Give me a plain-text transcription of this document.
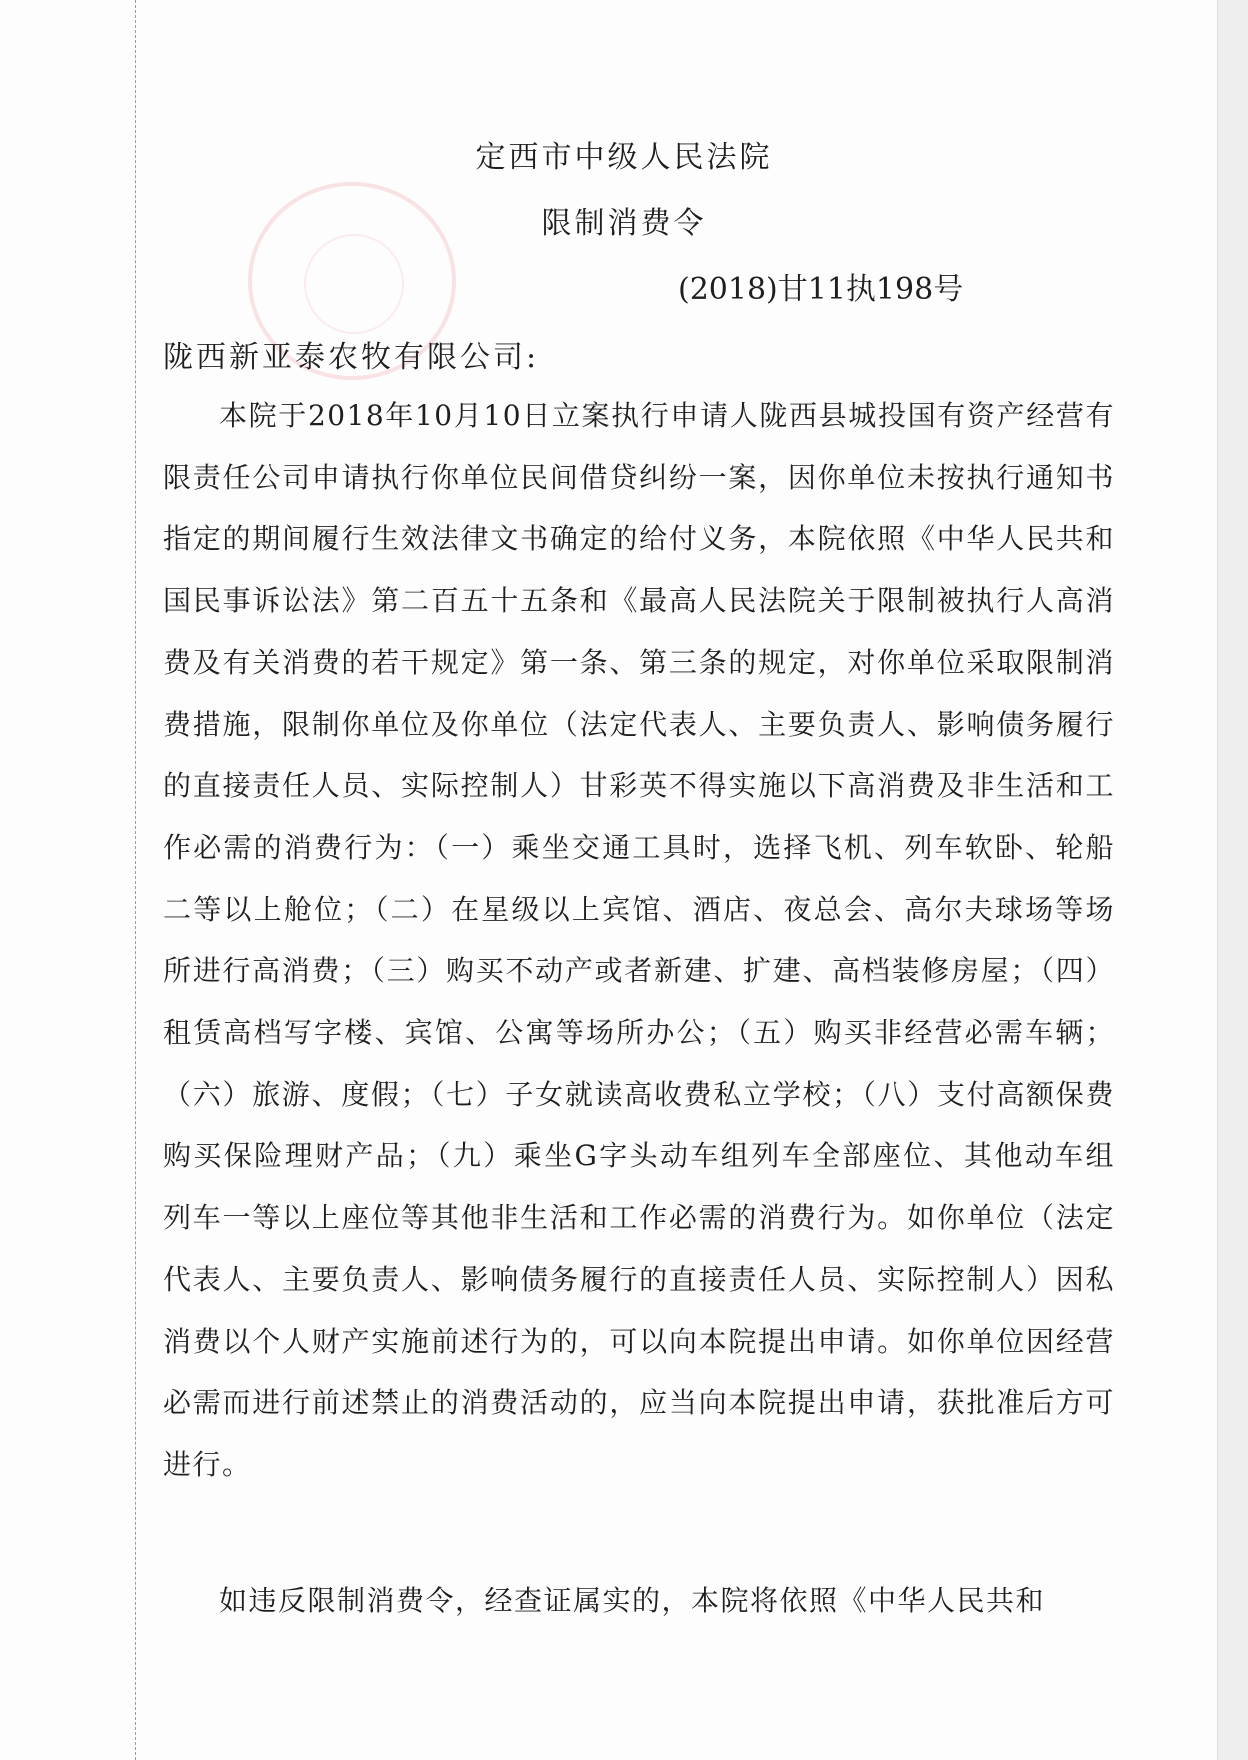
定西市中级人民法院
限制消费令
(2018)甘11执198号
陇西新亚泰农牧有限公司:

本院于2018年10月10日立案执行申请人陇西县城投国有资产经营有限责任公司申请执行你单位民间借贷纠纷一案，因你单位未按执行通知书指定的期间履行生效法律文书确定的给付义务，本院依照《中华人民共和国民事诉讼法》第二百五十五条和《最高人民法院关于限制被执行人高消费及有关消费的若干规定》第一条、第三条的规定，对你单位采取限制消费措施，限制你单位及你单位（法定代表人、主要负责人、影响债务履行的直接责任人员、实际控制人）甘彩英不得实施以下高消费及非生活和工作必需的消费行为：（一）乘坐交通工具时，选择飞机、列车软卧、轮船二等以上舱位；（二）在星级以上宾馆、酒店、夜总会、高尔夫球场等场所进行高消费；（三）购买不动产或者新建、扩建、高档装修房屋；（四）租赁高档写字楼、宾馆、公寓等场所办公；（五）购买非经营必需车辆；（六）旅游、度假；（七）子女就读高收费私立学校；（八）支付高额保费购买保险理财产品；（九）乘坐G字头动车组列车全部座位、其他动车组列车一等以上座位等其他非生活和工作必需的消费行为。如你单位（法定代表人、主要负责人、影响债务履行的直接责任人员、实际控制人）因私消费以个人财产实施前述行为的，可以向本院提出申请。如你单位因经营必需而进行前述禁止的消费活动的，应当向本院提出申请，获批准后方可进行。

如违反限制消费令，经查证属实的，本院将依照《中华人民共和
